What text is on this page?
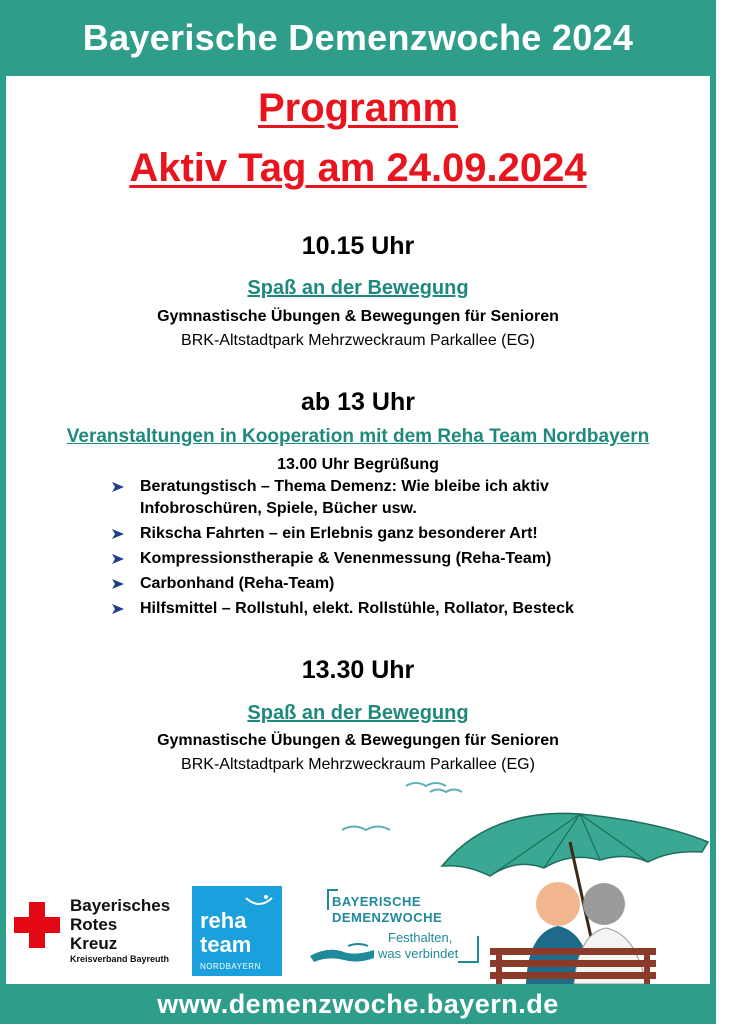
Bayerische Demenzwoche 2024
Programm
Aktiv Tag am 24.09.2024
10.15 Uhr
Spaß an der Bewegung
Gymnastische Übungen & Bewegungen für Senioren
BRK-Altstadtpark Mehrzweckraum Parkallee (EG)
ab 13 Uhr
Veranstaltungen in Kooperation mit dem Reha Team Nordbayern
13.00 Uhr Begrüßung
Beratungstisch – Thema Demenz: Wie bleibe ich aktiv
Infobroschüren, Spiele, Bücher usw.
Rikscha Fahrten – ein Erlebnis ganz besonderer Art!
Kompressionstherapie & Venenmessung (Reha-Team)
Carbonhand (Reha-Team)
Hilfsmittel – Rollstuhl, elekt. Rollstühle, Rollator, Besteck
13.30 Uhr
Spaß an der Bewegung
Gymnastische Übungen & Bewegungen für Senioren
BRK-Altstadtpark Mehrzweckraum Parkallee (EG)
Bayerisches
Rotes
Kreuz
Kreisverband Bayreuth
reha
team
NORDBAYERN
BAYERISCHE
DEMENZWOCHE
Festhalten,
was verbindet
www.demenzwoche.bayern.de
